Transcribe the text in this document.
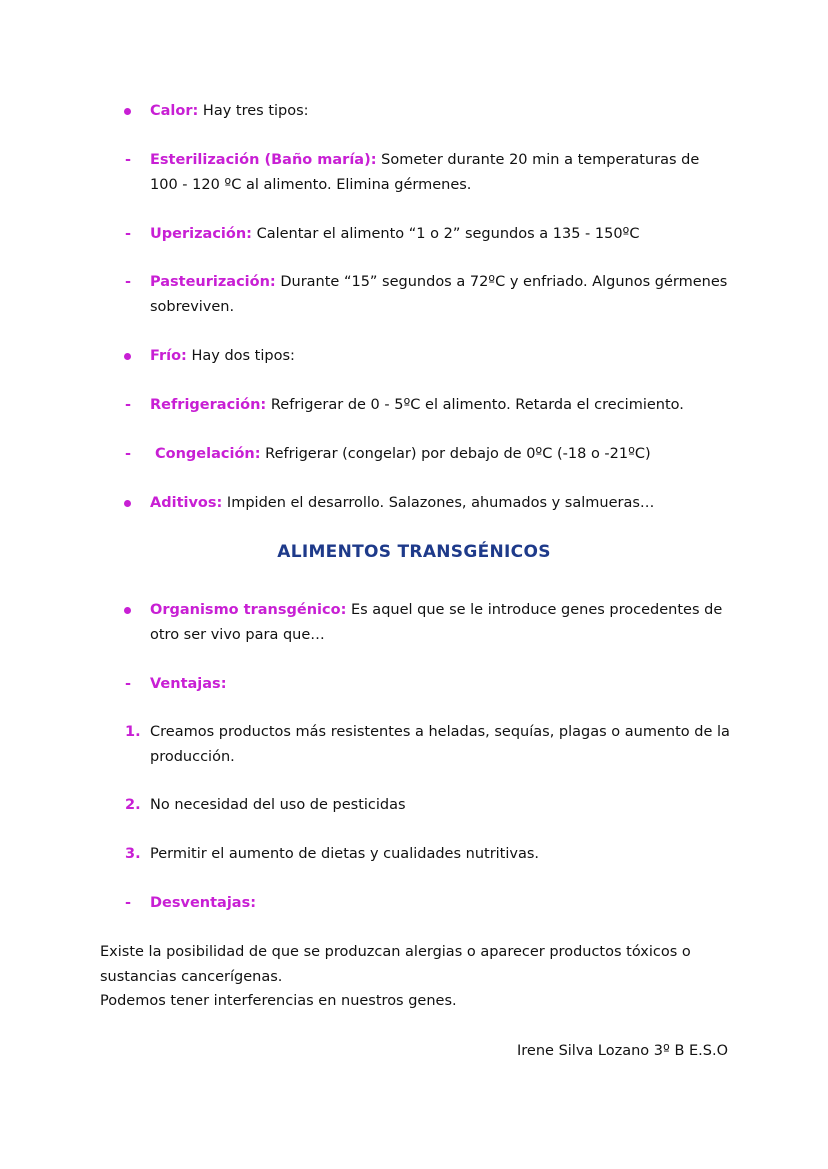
Calor: Hay tres tipos:
-	Esterilización (Baño maría): Someter durante 20 min a temperaturas de 100 - 120 ºC al alimento. Elimina gérmenes.
-	Uperización: Calentar el alimento “1 o 2” segundos a 135 - 150ºC
-	Pasteurización: Durante “15” segundos a 72ºC y enfriado. Algunos gérmenes sobreviven.
Frío: Hay dos tipos:
-	Refrigeración: Refrigerar de 0 - 5ºC el alimento. Retarda el crecimiento.
-	Congelación: Refrigerar (congelar) por debajo de 0ºC (-18 o -21ºC)
Aditivos: Impiden el desarrollo. Salazones, ahumados y salmueras…
ALIMENTOS TRANSGÉNICOS
Organismo transgénico: Es aquel que se le introduce genes procedentes de otro ser vivo para que…
-	Ventajas:
1. Creamos productos más resistentes a heladas, sequías, plagas o aumento de la producción.
2. No necesidad del uso de pesticidas
3. Permitir el aumento de dietas y cualidades nutritivas.
-	Desventajas:
Existe la posibilidad de que se produzcan alergias o aparecer productos tóxicos o sustancias cancerígenas.
Podemos tener interferencias en nuestros genes.
Irene Silva Lozano 3º B E.S.O
